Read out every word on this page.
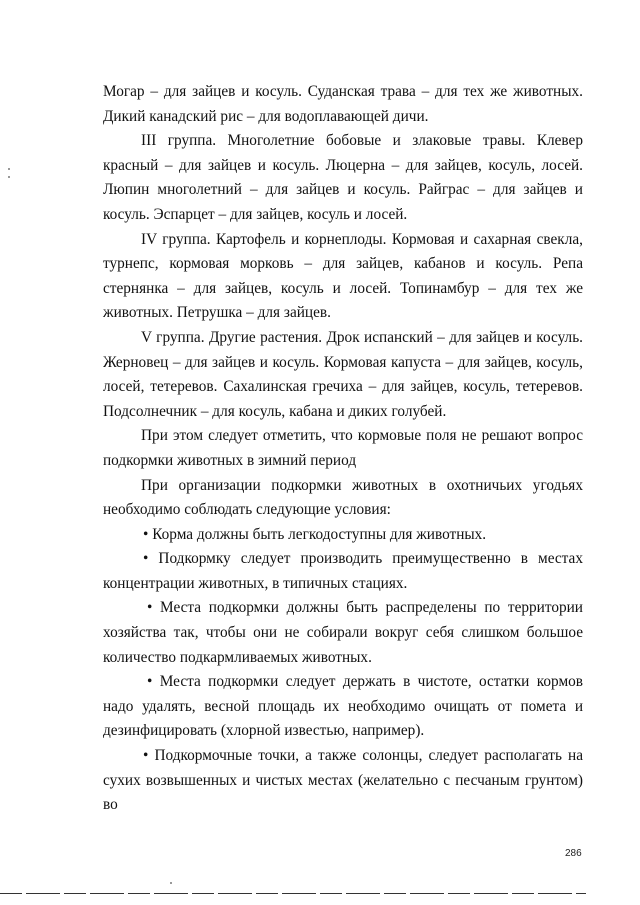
Могар – для зайцев и косуль. Суданская трава – для тех же животных. Дикий канадский рис – для водоплавающей дичи.

III группа. Многолетние бобовые и злаковые травы. Клевер красный – для зайцев и косуль. Люцерна – для зайцев, косуль, лосей. Люпин многолетний – для зайцев и косуль. Райграс – для зайцев и косуль. Эспарцет – для зайцев, косуль и лосей.

IV группа. Картофель и корнеплоды. Кормовая и сахарная свекла, турнепс, кормовая морковь – для зайцев, кабанов и косуль. Репа стернянка – для зайцев, косуль и лосей. Топинамбур – для тех же животных. Петрушка – для зайцев.

V группа. Другие растения. Дрок испанский – для зайцев и косуль. Жерновец – для зайцев и косуль. Кормовая капуста – для зайцев, косуль, лосей, тетеревов. Сахалинская гречиха – для зайцев, косуль, тетеревов. Подсолнечник – для косуль, кабана и диких голубей.

При этом следует отметить, что кормовые поля не решают вопрос подкормки животных в зимний период

При организации подкормки животных в охотничьих угодьях необходимо соблюдать следующие условия:

• Корма должны быть легкодоступны для животных.

• Подкормку следует производить преимущественно в местах концентрации животных, в типичных стациях.

• Места подкормки должны быть распределены по территории хозяйства так, чтобы они не собирали вокруг себя слишком большое количество подкармливаемых животных.

• Места подкормки следует держать в чистоте, остатки кормов надо удалять, весной площадь их необходимо очищать от помета и дезинфицировать (хлорной известью, например).

• Подкормочные точки, а также солонцы, следует располагать на сухих возвышенных и чистых местах (желательно с песчаным грунтом) во

286
